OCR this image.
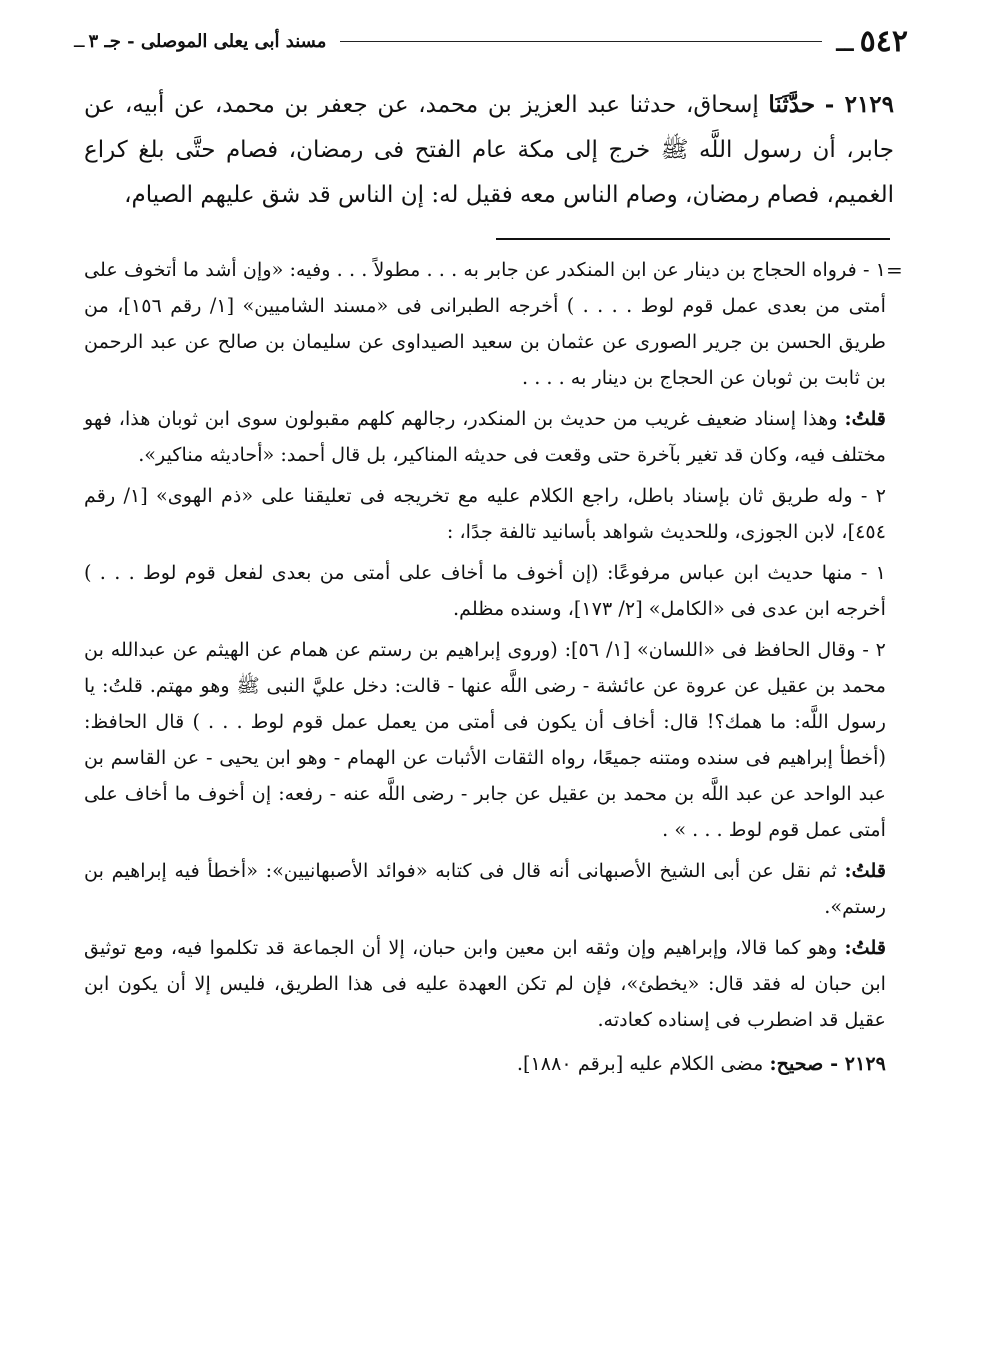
٥٤٢ــ
مسند أبى يعلى الموصلى - جـ ٣ــ

٢١٢٩ - حدَّثَنَا إسحاق، حدثنا عبد العزيز بن محمد، عن جعفر بن محمد، عن أبيه، عن جابر، أن رسول اللَّه ﷺ خرج إلى مكة عام الفتح فى رمضان، فصام حتَّى بلغ كراع الغميم، فصام رمضان، وصام الناس معه فقيل له: إن الناس قد شق عليهم الصيام،

=

١ - فرواه الحجاج بن دينار عن ابن المنكدر عن جابر به . . . مطولاً . . . وفيه: «وإن أشد ما أتخوف على أمتى من بعدى عمل قوم لوط . . . . ) أخرجه الطبرانى فى «مسند الشاميين» [١/ رقم ١٥٦]، من طريق الحسن بن جرير الصورى عن عثمان بن سعيد الصيداوى عن سليمان بن صالح عن عبد الرحمن بن ثابت بن ثوبان عن الحجاج بن دينار به . . . .

قلتُ: وهذا إسناد ضعيف غريب من حديث بن المنكدر، رجالهم كلهم مقبولون سوى ابن ثوبان هذا، فهو مختلف فيه، وكان قد تغير بآخرة حتى وقعت فى حديثه المناكير، بل قال أحمد: «أحاديثه مناكير».

٢ - وله طريق ثان بإسناد باطل، راجع الكلام عليه مع تخريجه فى تعليقنا على «ذم الهوى» [١/ رقم ٤٥٤]، لابن الجوزى، وللحديث شواهد بأسانيد تالفة جدًا، :

١ - منها حديث ابن عباس مرفوعًا: (إن أخوف ما أخاف على أمتى من بعدى لفعل قوم لوط . . . ) أخرجه ابن عدى فى «الكامل» [٢/ ١٧٣]، وسنده مظلم.

٢ - وقال الحافظ فى «اللسان» [١/ ٥٦]: (وروى إبراهيم بن رستم عن همام عن الهيثم عن عبدالله بن محمد بن عقيل عن عروة عن عائشة - رضى اللَّه عنها - قالت: دخل عليَّ النبى ﷺ وهو مهتم. قلتُ: يا رسول اللَّه: ما همك؟! قال: أخاف أن يكون فى أمتى من يعمل عمل قوم لوط . . . ) قال الحافظ: (أخطأ إبراهيم فى سنده ومتنه جميعًا، رواه الثقات الأثبات عن الهمام - وهو ابن يحيى - عن القاسم بن عبد الواحد عن عبد اللَّه بن محمد بن عقيل عن جابر - رضى اللَّه عنه - رفعه: إن أخوف ما أخاف على أمتى عمل قوم لوط . . . » .

قلتُ: ثم نقل عن أبى الشيخ الأصبهانى أنه قال فى كتابه «فوائد الأصبهانيين»: «أخطأ فيه إبراهيم بن رستم».

قلتُ: وهو كما قالا، وإبراهيم وإن وثقه ابن معين وابن حبان، إلا أن الجماعة قد تكلموا فيه، ومع توثيق ابن حبان له فقد قال: «يخطئ»، فإن لم تكن العهدة عليه فى هذا الطريق، فليس إلا أن يكون ابن عقيل قد اضطرب فى إسناده كعادته.

٢١٢٩ - صحيح: مضى الكلام عليه [برقم ١٨٨٠].
